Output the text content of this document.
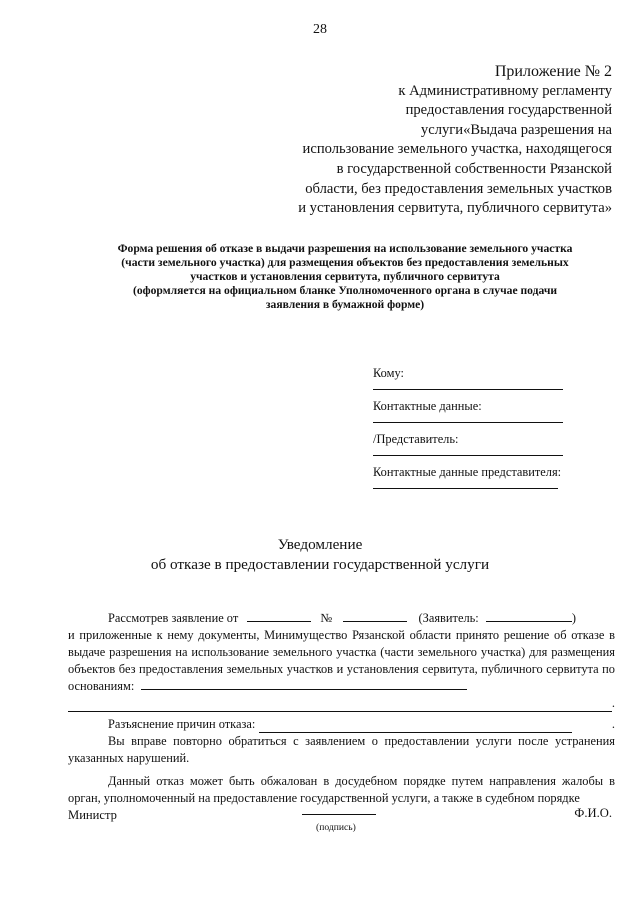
28
Приложение № 2
к Административному регламенту
предоставления государственной
услуги«Выдача разрешения на
использование земельного участка, находящегося
в государственной собственности Рязанской
области, без предоставления земельных участков
и установления сервитута, публичного сервитута»
Форма решения об отказе в выдачи разрешения на использование земельного участка
(части земельного участка) для размещения объектов без предоставления земельных
участков и установления сервитута, публичного сервитута
(оформляется на официальном бланке Уполномоченного органа в случае подачи
заявления в бумажной форме)
Кому:
Контактные данные:
/Представитель:
Контактные данные представителя:
Уведомление
об отказе в предоставлении государственной услуги
Рассмотрев заявление от	№	(Заявитель:	)
и приложенные к нему документы, Минимущество Рязанской области принято решение об отказе в выдаче разрешения на использование земельного участка (части земельного участка) для размещения объектов без предоставления земельных участков и установления сервитута, публичного сервитута по основаниям:
.
Разъяснение причин отказа:	.
Вы вправе повторно обратиться с заявлением о предоставлении услуги после устранения указанных нарушений.
Данный отказ может быть обжалован в досудебном порядке путем направления жалобы в орган, уполномоченный на предоставление государственной услуги, а также в судебном порядке
Министр
(подпись)
Ф.И.О.
